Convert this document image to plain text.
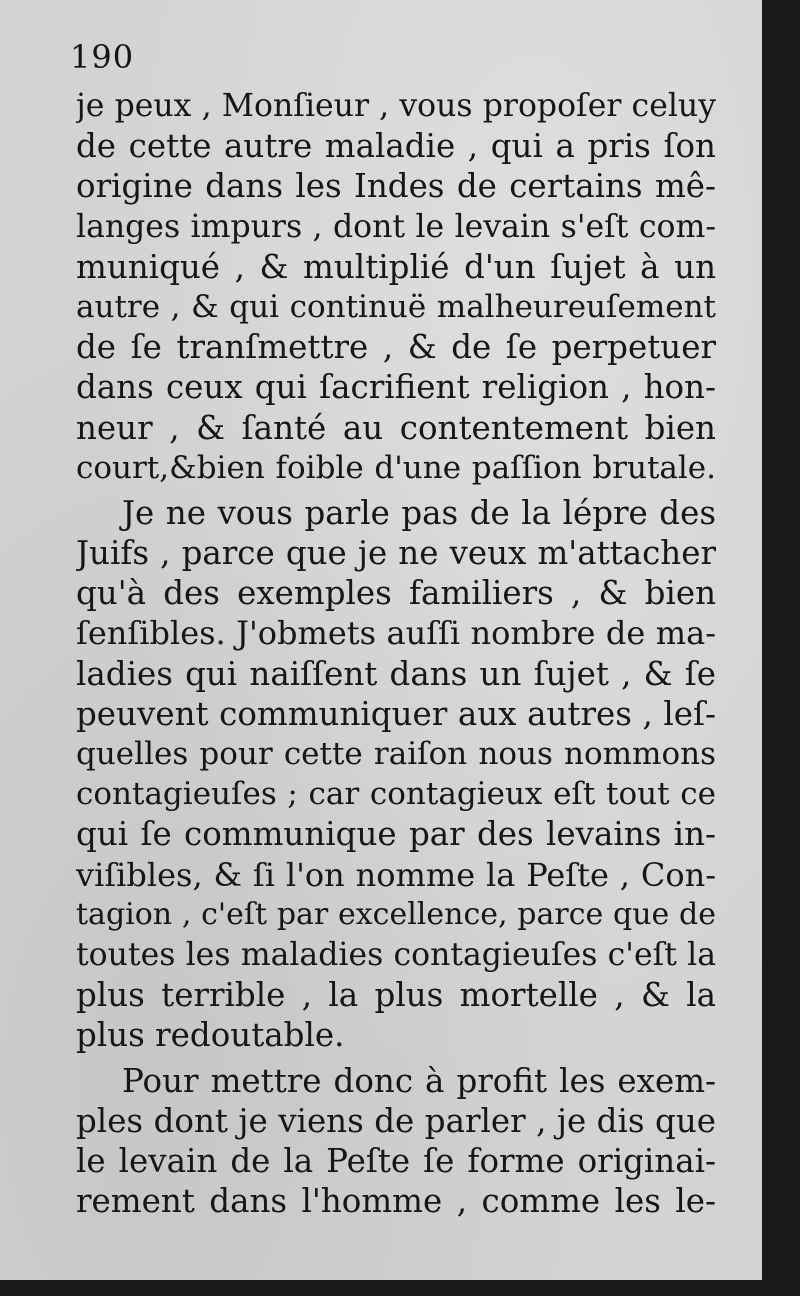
190
je peux , Monſieur , vous propoſer celuy
de cette autre maladie , qui a pris ſon
origine dans les Indes de certains mê-
langes impurs , dont le levain s'eſt com-
muniqué , & multiplié d'un ſujet à un
autre , & qui continuë malheureuſement
de ſe tranſmettre , & de ſe perpetuer
dans ceux qui ſacrifient religion , hon-
neur , & ſanté au contentement bien
court,&bien foible d'une paſſion brutale.
Je ne vous parle pas de la lépre des
Juifs , parce que je ne veux m'attacher
qu'à des exemples familiers , & bien
ſenſibles. J'obmets auſſi nombre de ma-
ladies qui naiſſent dans un ſujet , & ſe
peuvent communiquer aux autres , leſ-
quelles pour cette raiſon nous nommons
contagieuſes ; car contagieux eſt tout ce
qui ſe communique par des levains in-
viſibles, & ſi l'on nomme la Peſte , Con-
tagion , c'eſt par excellence, parce que de
toutes les maladies contagieuſes c'eſt la
plus terrible , la plus mortelle , & la
plus redoutable.
Pour mettre donc à profit les exem-
ples dont je viens de parler , je dis que
le levain de la Peſte ſe forme originai-
rement dans l'homme , comme les le-
